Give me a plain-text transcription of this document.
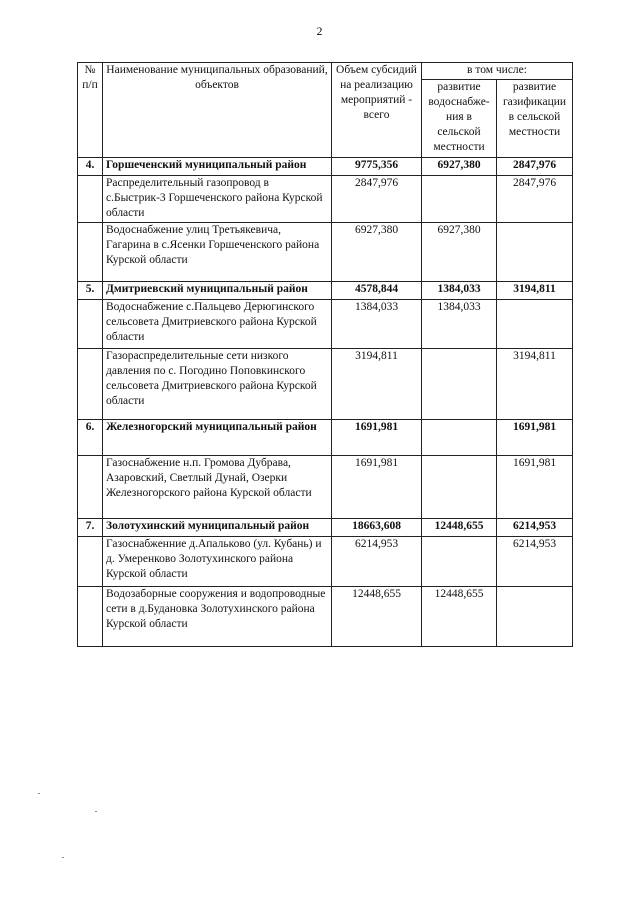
2
№ п/п	Наименование муниципальных образований, объектов	Объем субсидий на реализацию мероприятий - всего	в том числе:	
			развитие водоснабже-ния в сельской местности	развитие газификации в сельской местности
4.	Горшеченский муниципальный район	9775,356	6927,380	2847,976
	Распределительный газопровод в с.Быстрик-3 Горшеченского района Курской области	2847,976		2847,976
	Водоснабжение улиц Третьякевича, Гагарина в с.Ясенки Горшеченского района Курской области	6927,380	6927,380	
5.	Дмитриевский муниципальный район	4578,844	1384,033	3194,811
	Водоснабжение с.Пальцево Дерюгинского сельсовета Дмитриевского района Курской области	1384,033	1384,033	
	Газораспределительные сети низкого давления по с. Погодино Поповкинского сельсовета Дмитриевского района Курской области	3194,811		3194,811
6.	Железногорский муниципальный район	1691,981		1691,981
	Газоснабжение н.п. Громова Дубрава, Азаровский, Светлый Дунай, Озерки Железногорского района Курской области	1691,981		1691,981
7.	Золотухинский муниципальный район	18663,608	12448,655	6214,953
	Газоснабженние д.Апальково (ул. Кубань) и д. Умеренково Золотухинского района Курской области	6214,953		6214,953
	Водозаборные сооружения и водопроводные сети в д.Будановка Золотухинского района Курской области	12448,655	12448,655	
